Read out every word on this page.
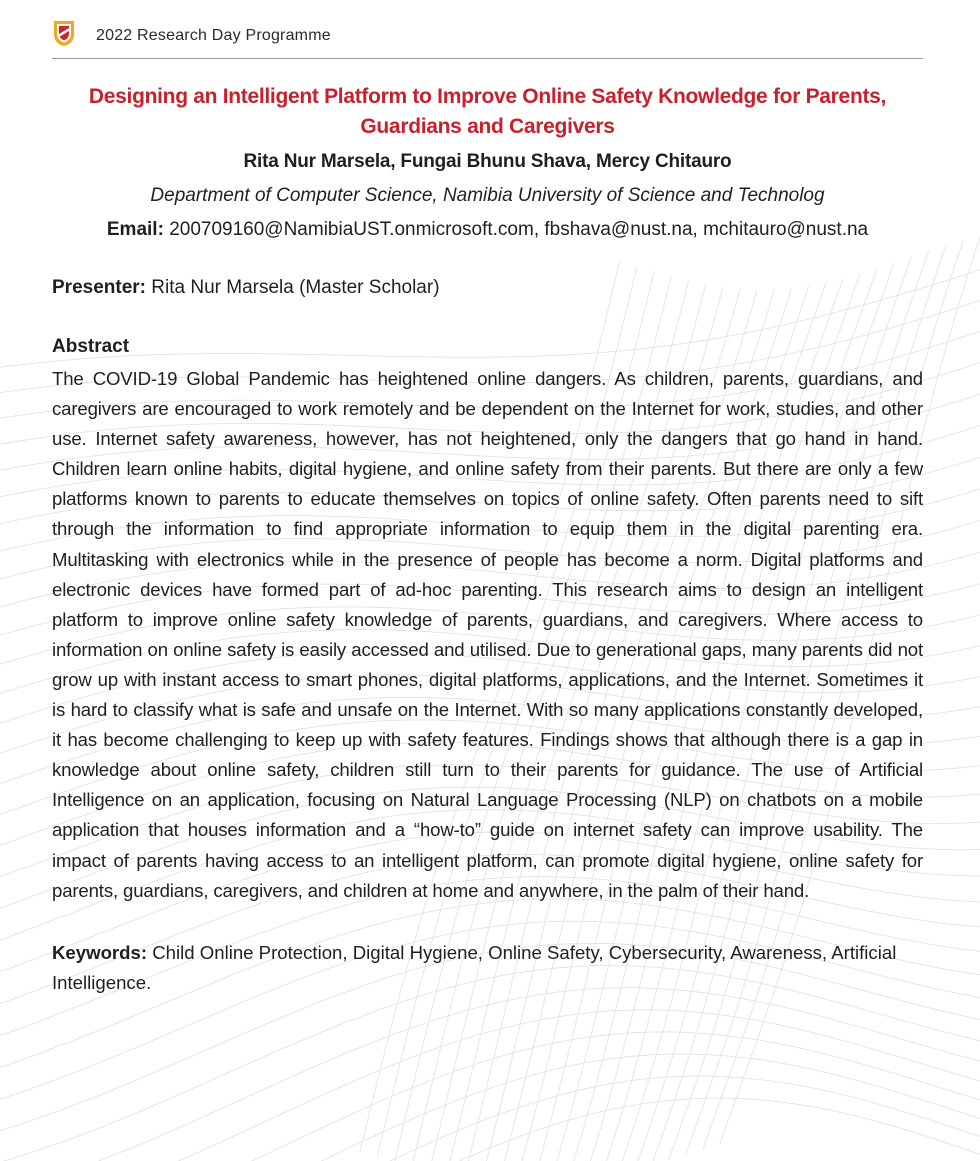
2022 Research Day Programme
Designing an Intelligent Platform to Improve Online Safety Knowledge for Parents, Guardians and Caregivers
Rita Nur Marsela, Fungai Bhunu Shava, Mercy Chitauro
Department of Computer Science, Namibia University of Science and Technolog
Email: 200709160@NamibiaUST.onmicrosoft.com, fbshava@nust.na, mchitauro@nust.na
Presenter: Rita Nur Marsela (Master Scholar)
Abstract

The COVID-19 Global Pandemic has heightened online dangers. As children, parents, guardians, and caregivers are encouraged to work remotely and be dependent on the Internet for work, studies, and other use. Internet safety awareness, however, has not heightened, only the dangers that go hand in hand. Children learn online habits, digital hygiene, and online safety from their parents. But there are only a few platforms known to parents to educate themselves on topics of online safety. Often parents need to sift through the information to find appropriate information to equip them in the digital parenting era. Multitasking with electronics while in the presence of people has become a norm. Digital platforms and electronic devices have formed part of ad-hoc parenting. This research aims to design an intelligent platform to improve online safety knowledge of parents, guardians, and caregivers. Where access to information on online safety is easily accessed and utilised. Due to generational gaps, many parents did not grow up with instant access to smart phones, digital platforms, applications, and the Internet. Sometimes it is hard to classify what is safe and unsafe on the Internet. With so many applications constantly developed, it has become challenging to keep up with safety features. Findings shows that although there is a gap in knowledge about online safety, children still turn to their parents for guidance. The use of Artificial Intelligence on an application, focusing on Natural Language Processing (NLP) on chatbots on a mobile application that houses information and a “how-to” guide on internet safety can improve usability. The impact of parents having access to an intelligent platform, can promote digital hygiene, online safety for parents, guardians, caregivers, and children at home and anywhere, in the palm of their hand.

Keywords: Child Online Protection, Digital Hygiene, Online Safety, Cybersecurity, Awareness, Artificial Intelligence.
